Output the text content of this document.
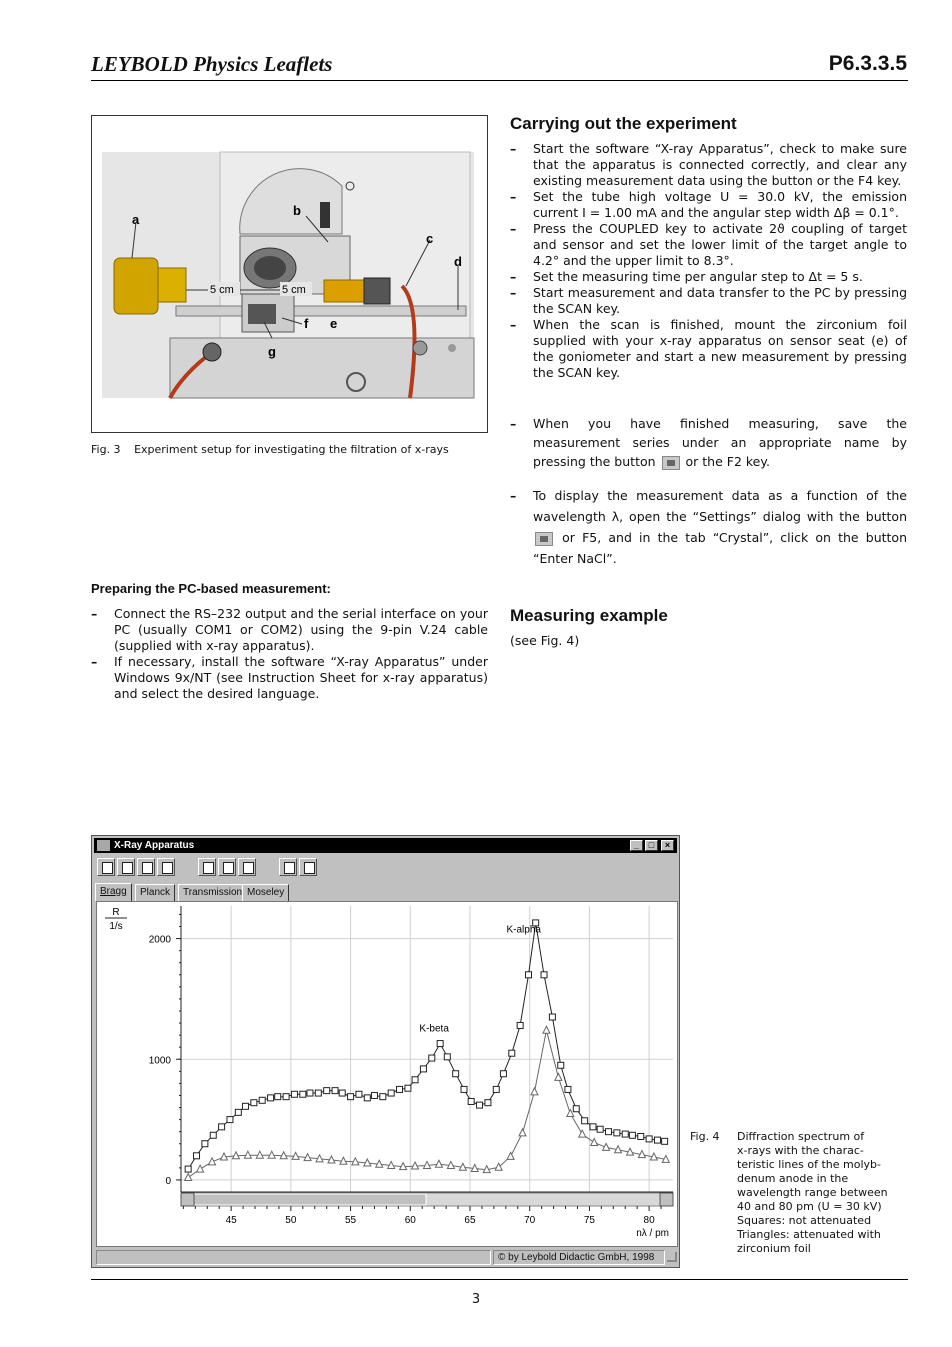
LEYBOLD Physics Leaflets	P6.3.3.5
a
b
c
d
e
f
g
5 cm	5 cm
Fig. 3 Experiment setup for investigating the filtration of x-rays
Preparing the PC-based measurement:
– Connect the RS–232 output and the serial interface on your PC (usually COM1 or COM2) using the 9-pin V.24 cable (supplied with x-ray apparatus).
– If necessary, install the software “X-ray Apparatus” under Windows 9x/NT (see Instruction Sheet for x-ray apparatus) and select the desired language.
Carrying out the experiment
– Start the software “X-ray Apparatus”, check to make sure that the apparatus is connected correctly, and clear any existing measurement data using the button or the F4 key.
– Set the tube high voltage U = 30.0 kV, the emission current I = 1.00 mA and the angular step width Δβ = 0.1°.
– Press the COUPLED key to activate 2ϑ coupling of target and sensor and set the lower limit of the target angle to 4.2° and the upper limit to 8.3°.
– Set the measuring time per angular step to Δt = 5 s.
– Start measurement and data transfer to the PC by pressing the SCAN key.
– When the scan is finished, mount the zirconium foil supplied with your x-ray apparatus on sensor seat (e) of the goniometer and start a new measurement by pressing the SCAN key.
– When you have finished measuring, save the measurement series under an appropriate name by pressing the button or the F2 key.
– To display the measurement data as a function of the wavelength λ, open the “Settings” dialog with the button  or F5, and in the tab “Crystal”, click on the button “Enter NaCl”.
Measuring example
(see Fig. 4)
X-Ray Apparatus	_	□	×
Bragg	Planck	Transmission Moseley
R
1/s
0
1000
2000
45	50	55	60	65	70	75	80
nλ / pm
K-beta
K-alpha
© by Leybold Didactic GmbH, 1998
Fig. 4 Diffraction spectrum of
x-rays with the charac-
teristic lines of the molyb-
denum anode in the
wavelength range between
40 and 80 pm (U = 30 kV)
Squares: not attenuated
Triangles: attenuated with
zirconium foil
3
